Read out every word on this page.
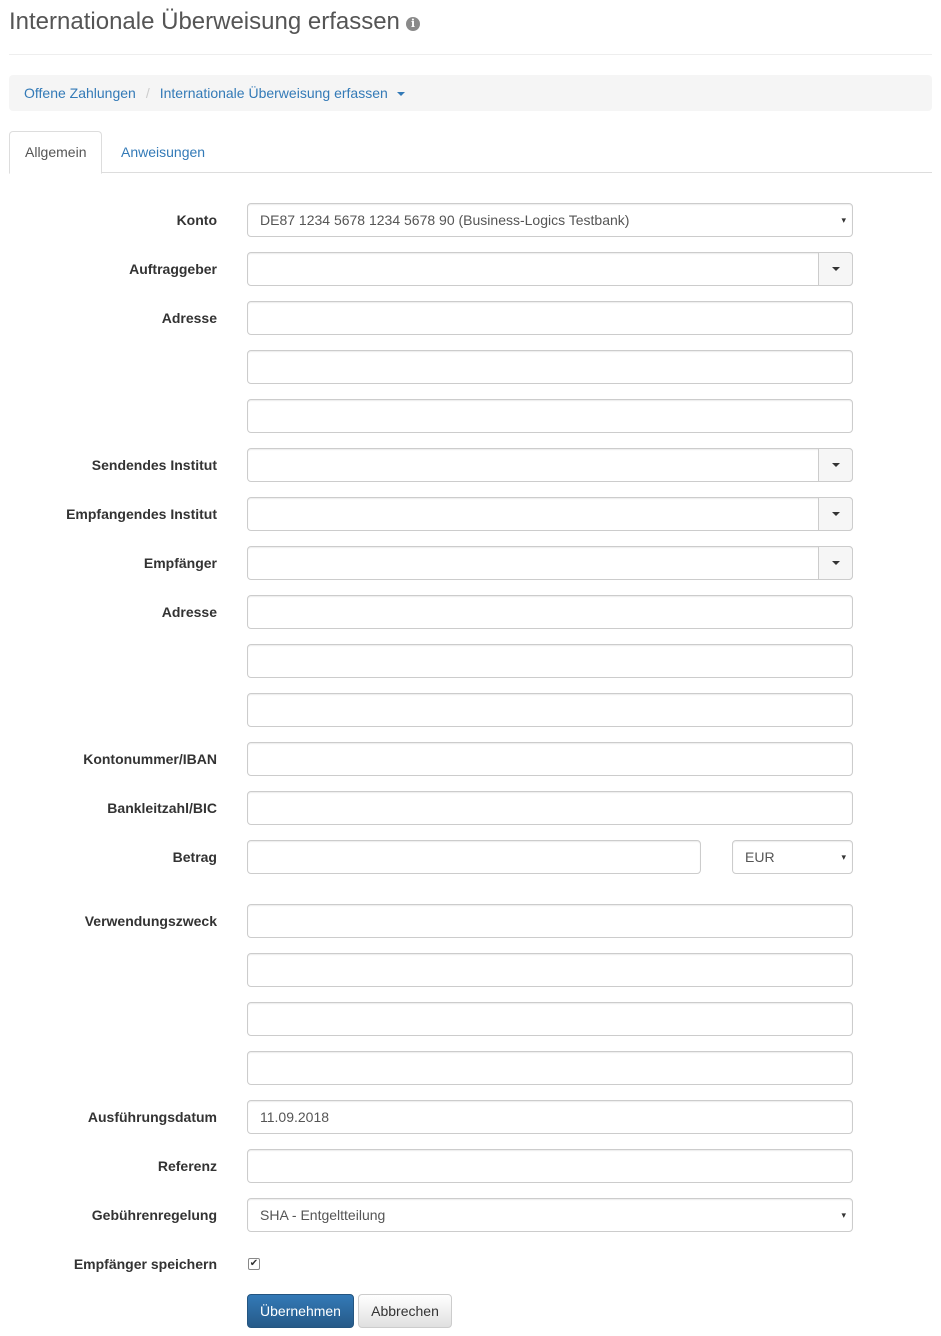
Internationale Überweisung erfassen i
Offene Zahlungen / Internationale Überweisung erfassen
Allgemein	Anweisungen
Konto	DE87 1234 5678 1234 5678 90 (Business-Logics Testbank)	▾
Auftraggeber
Adresse
Sendendes Institut
Empfangendes Institut
Empfänger
Adresse
Kontonummer/IBAN
Bankleitzahl/BIC
Betrag	EUR	▾
Verwendungszweck
Ausführungsdatum	11.09.2018
Referenz
Gebührenregelung	SHA - Entgeltteilung	▾
Empfänger speichern	✔
Übernehmen	Abbrechen
